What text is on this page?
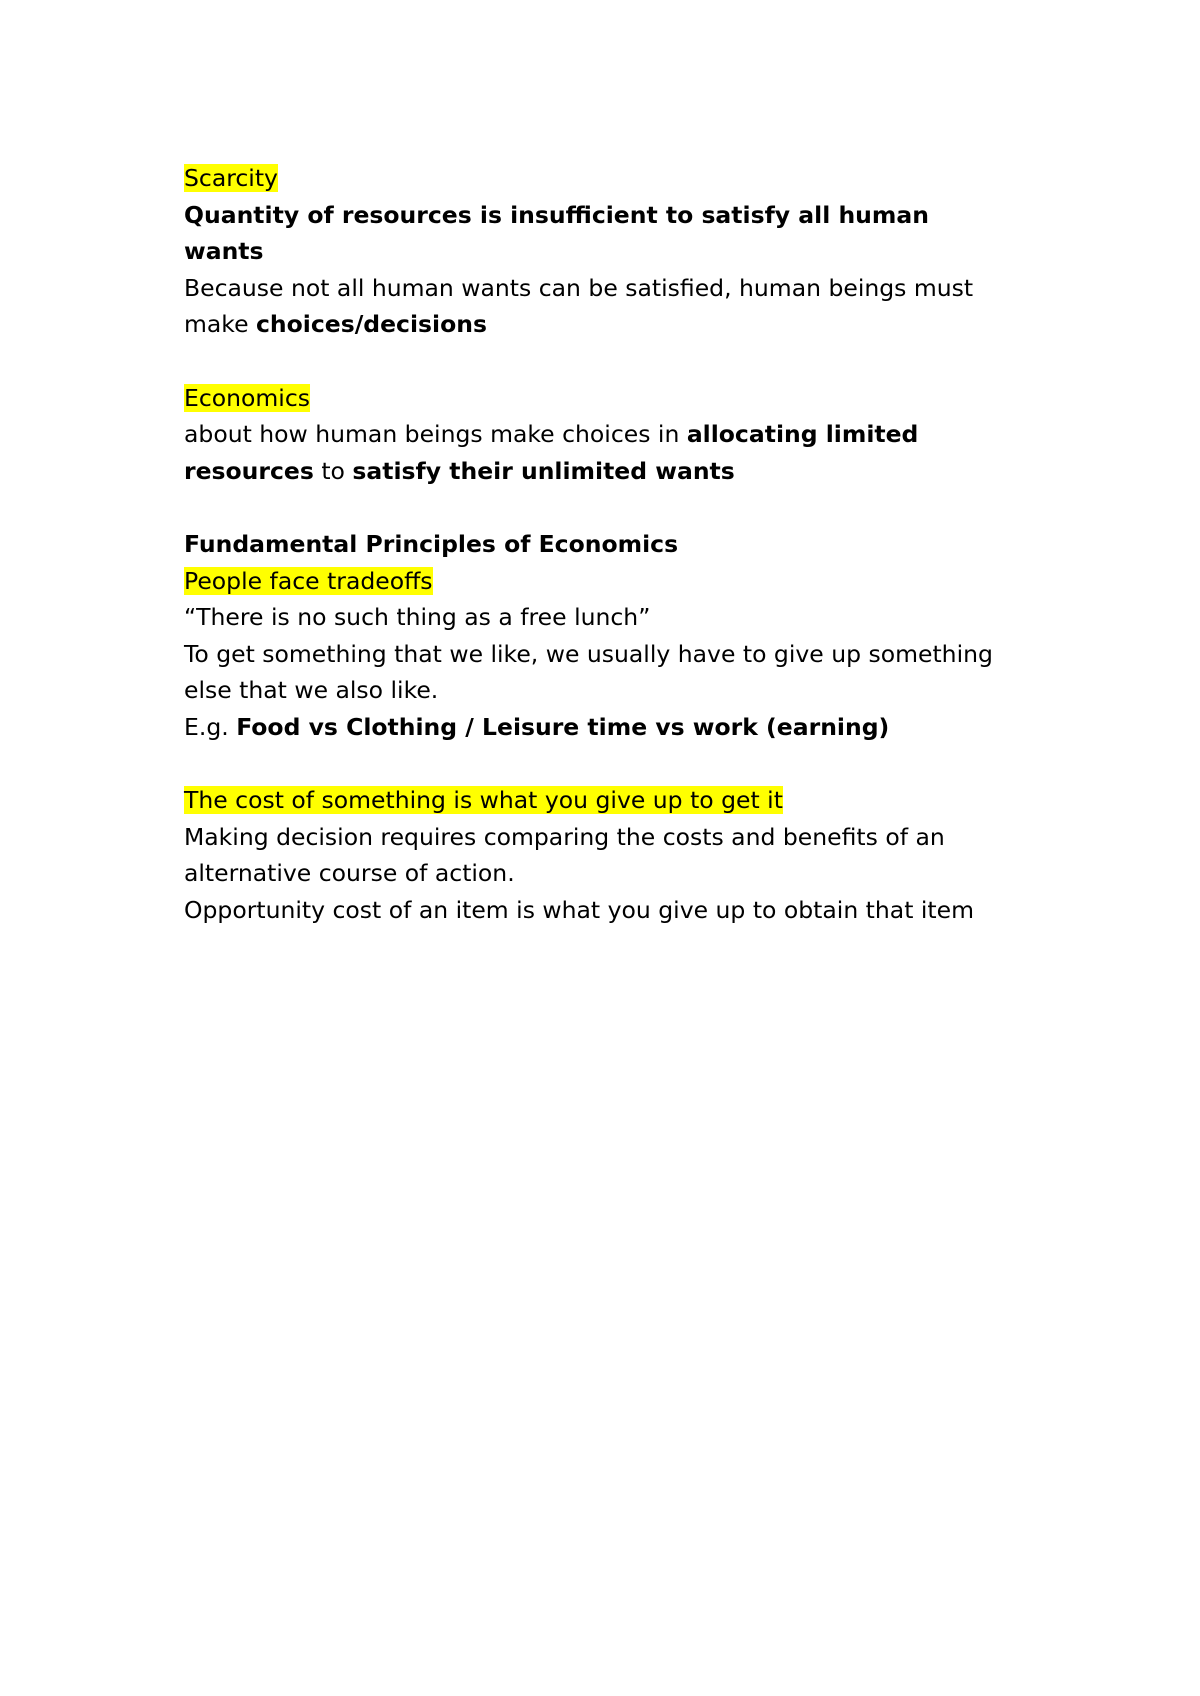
Scarcity

Quantity of resources is insufficient to satisfy all human

wants

Because not all human wants can be satisfied, human beings must

make choices/decisions

Economics

about how human beings make choices in allocating limited

resources to satisfy their unlimited wants

Fundamental Principles of Economics

People face tradeoffs

“There is no such thing as a free lunch”

To get something that we like, we usually have to give up something

else that we also like.

E.g. Food vs Clothing / Leisure time vs work (earning)

The cost of something is what you give up to get it

Making decision requires comparing the costs and benefits of an

alternative course of action.

Opportunity cost of an item is what you give up to obtain that item
